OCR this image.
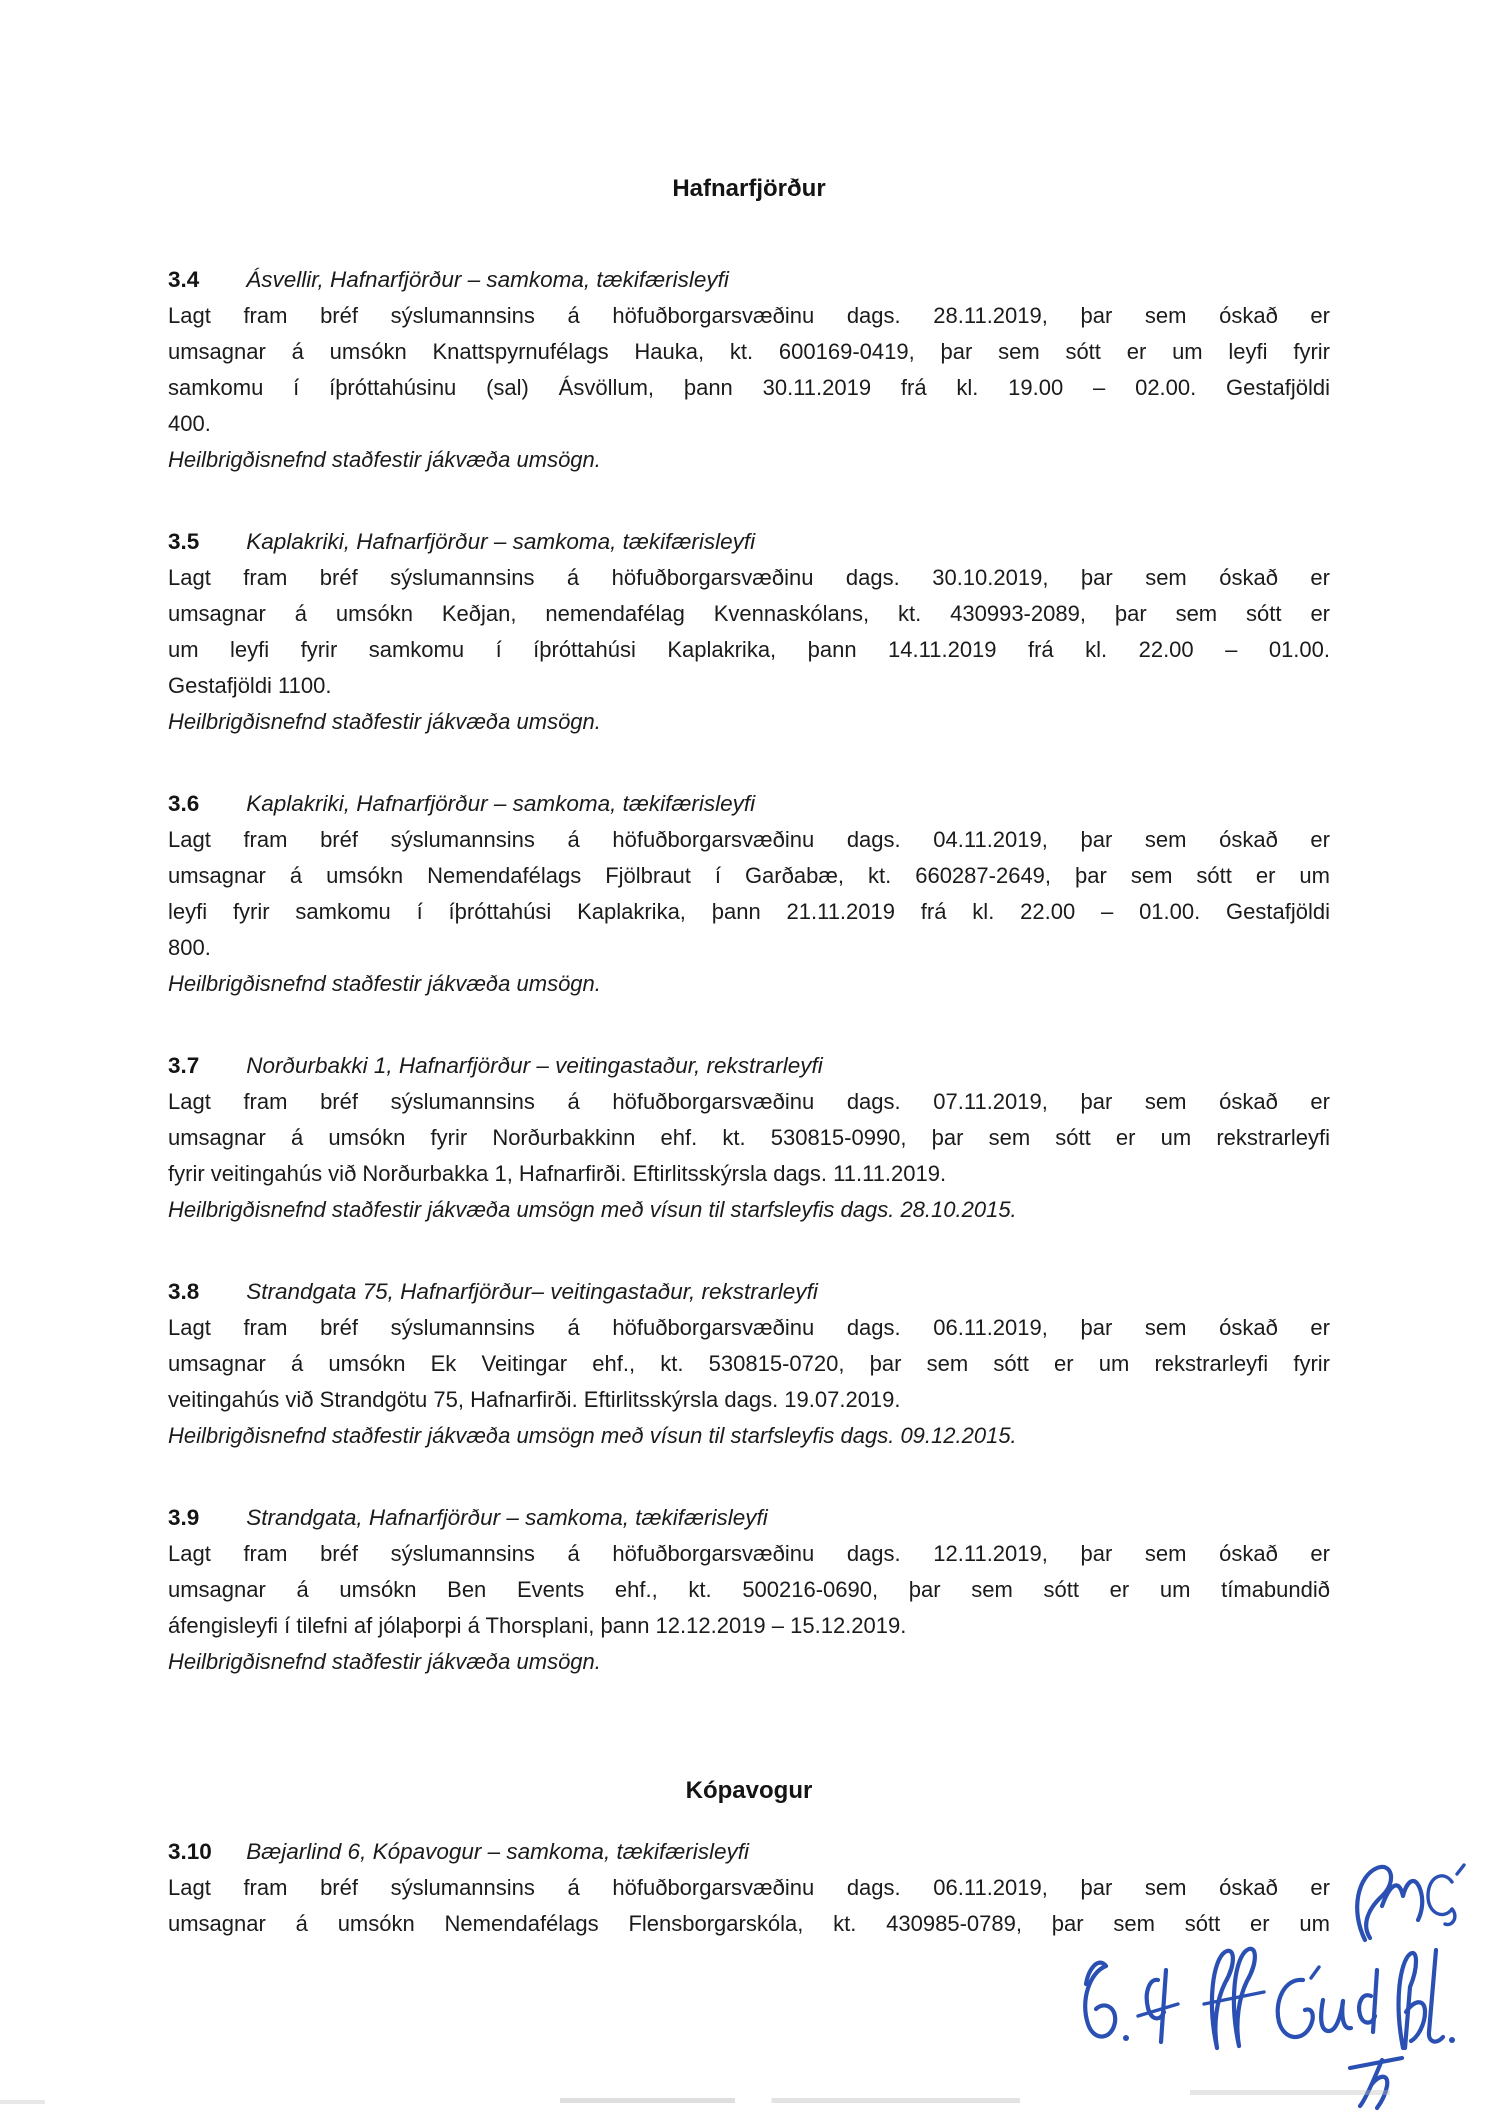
Hafnarfjörður
3.4 Ásvellir, Hafnarfjörður – samkoma, tækifærisleyfi
Lagt fram bréf sýslumannsins á höfuðborgarsvæðinu dags. 28.11.2019, þar sem óskað er
umsagnar á umsókn Knattspyrnufélags Hauka, kt. 600169-0419, þar sem sótt er um leyfi fyrir
samkomu í íþróttahúsinu (sal) Ásvöllum, þann 30.11.2019 frá kl. 19.00 – 02.00. Gestafjöldi
400.
Heilbrigðisnefnd staðfestir jákvæða umsögn.
3.5 Kaplakriki, Hafnarfjörður – samkoma, tækifærisleyfi
Lagt fram bréf sýslumannsins á höfuðborgarsvæðinu dags. 30.10.2019, þar sem óskað er
umsagnar á umsókn Keðjan, nemendafélag Kvennaskólans, kt. 430993-2089, þar sem sótt er
um leyfi fyrir samkomu í íþróttahúsi Kaplakrika, þann 14.11.2019 frá kl. 22.00 – 01.00.
Gestafjöldi 1100.
Heilbrigðisnefnd staðfestir jákvæða umsögn.
3.6 Kaplakriki, Hafnarfjörður – samkoma, tækifærisleyfi
Lagt fram bréf sýslumannsins á höfuðborgarsvæðinu dags. 04.11.2019, þar sem óskað er
umsagnar á umsókn Nemendafélags Fjölbraut í Garðabæ, kt. 660287-2649, þar sem sótt er um
leyfi fyrir samkomu í íþróttahúsi Kaplakrika, þann 21.11.2019 frá kl. 22.00 – 01.00. Gestafjöldi
800.
Heilbrigðisnefnd staðfestir jákvæða umsögn.
3.7 Norðurbakki 1, Hafnarfjörður – veitingastaður, rekstrarleyfi
Lagt fram bréf sýslumannsins á höfuðborgarsvæðinu dags. 07.11.2019, þar sem óskað er
umsagnar á umsókn fyrir Norðurbakkinn ehf. kt. 530815-0990, þar sem sótt er um rekstrarleyfi
fyrir veitingahús við Norðurbakka 1, Hafnarfirði. Eftirlitsskýrsla dags. 11.11.2019.
Heilbrigðisnefnd staðfestir jákvæða umsögn með vísun til starfsleyfis dags. 28.10.2015.
3.8 Strandgata 75, Hafnarfjörður– veitingastaður, rekstrarleyfi
Lagt fram bréf sýslumannsins á höfuðborgarsvæðinu dags. 06.11.2019, þar sem óskað er
umsagnar á umsókn Ek Veitingar ehf., kt. 530815-0720, þar sem sótt er um rekstrarleyfi fyrir
veitingahús við Strandgötu 75, Hafnarfirði. Eftirlitsskýrsla dags. 19.07.2019.
Heilbrigðisnefnd staðfestir jákvæða umsögn með vísun til starfsleyfis dags. 09.12.2015.
3.9 Strandgata, Hafnarfjörður – samkoma, tækifærisleyfi
Lagt fram bréf sýslumannsins á höfuðborgarsvæðinu dags. 12.11.2019, þar sem óskað er
umsagnar á umsókn Ben Events ehf., kt. 500216-0690, þar sem sótt er um tímabundið
áfengisleyfi í tilefni af jólaþorpi á Thorsplani, þann 12.12.2019 – 15.12.2019.
Heilbrigðisnefnd staðfestir jákvæða umsögn.
Kópavogur
3.10 Bæjarlind 6, Kópavogur – samkoma, tækifærisleyfi
Lagt fram bréf sýslumannsins á höfuðborgarsvæðinu dags. 06.11.2019, þar sem óskað er
umsagnar á umsókn Nemendafélags Flensborgarskóla, kt. 430985-0789, þar sem sótt er um
